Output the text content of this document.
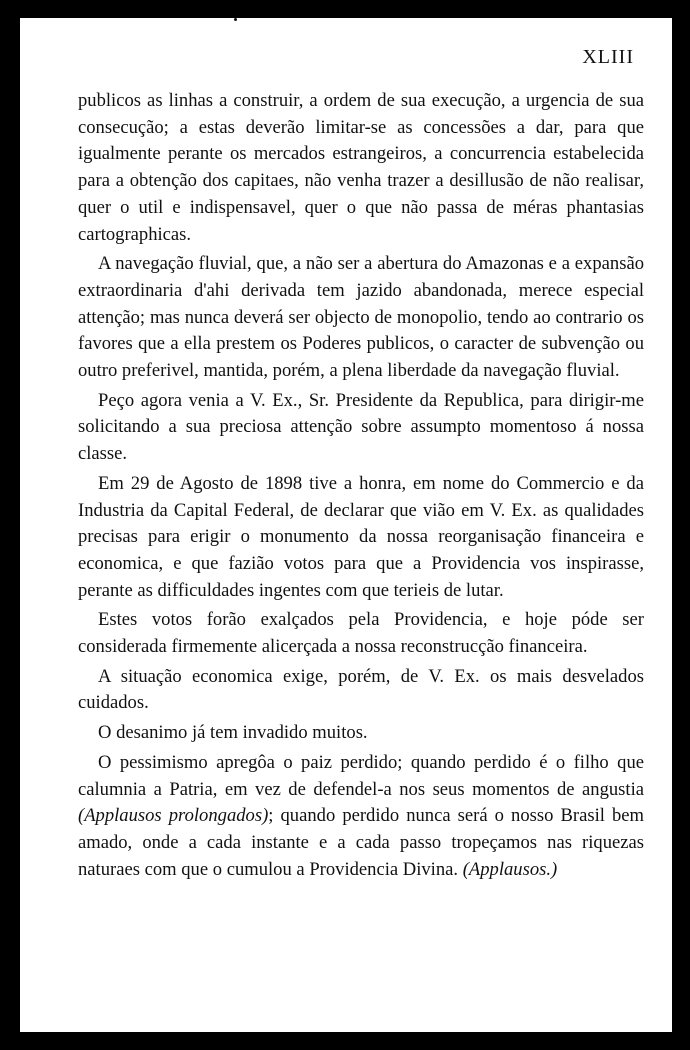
XLIII

publicos as linhas a construir, a ordem de sua execução, a urgencia de sua consecução; a estas deverão limitar-se as concessões a dar, para que igualmente perante os mercados estrangeiros, a concurrencia estabelecida para a obtenção dos capitaes, não venha trazer a desillusão de não realisar, quer o util e indispensavel, quer o que não passa de méras phantasias cartographicas.

A navegação fluvial, que, a não ser a abertura do Amazonas e a expansão extraordinaria d'ahi derivada tem jazido abandonada, merece especial attenção; mas nunca deverá ser objecto de monopolio, tendo ao contrario os favores que a ella prestem os Poderes publicos, o caracter de subvenção ou outro preferivel, mantida, porém, a plena liberdade da navegação fluvial.

Peço agora venia a V. Ex., Sr. Presidente da Republica, para dirigir-me solicitando a sua preciosa attenção sobre assumpto momentoso á nossa classe.

Em 29 de Agosto de 1898 tive a honra, em nome do Commercio e da Industria da Capital Federal, de declarar que vião em V. Ex. as qualidades precisas para erigir o monumento da nossa reorganisação financeira e economica, e que fazião votos para que a Providencia vos inspirasse, perante as difficuldades ingentes com que terieis de lutar.

Estes votos forão exalçados pela Providencia, e hoje póde ser considerada firmemente alicerçada a nossa reconstrucção financeira.

A situação economica exige, porém, de V. Ex. os mais desvelados cuidados.

O desanimo já tem invadido muitos.

O pessimismo apregôa o paiz perdido; quando perdido é o filho que calumnia a Patria, em vez de defendel-a nos seus momentos de angustia (Applausos prolongados); quando perdido nunca será o nosso Brasil bem amado, onde a cada instante e a cada passo tropeçamos nas riquezas naturaes com que o cumulou a Providencia Divina. (Applausos.)
